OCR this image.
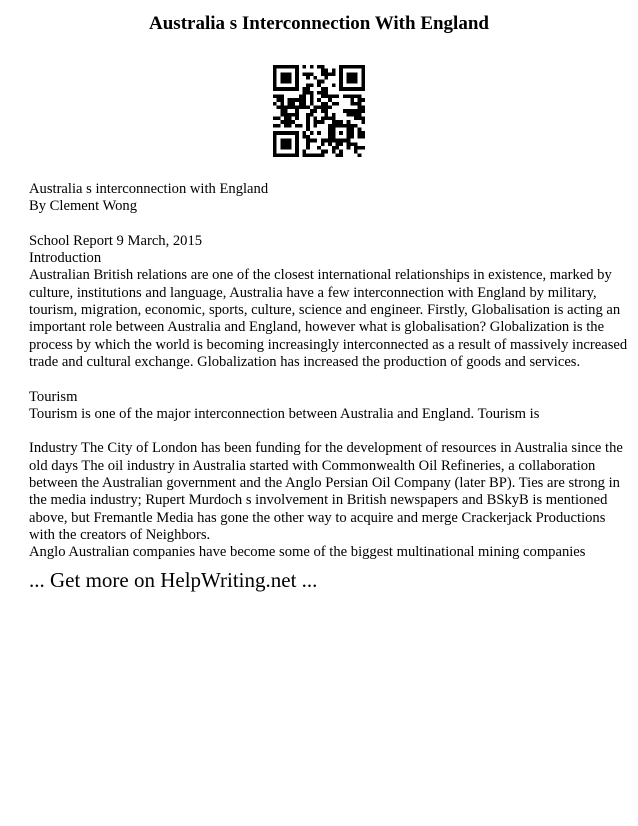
Australia s Interconnection With England
Australia s interconnection with England
By Clement Wong
School Report 9 March, 2015
Introduction
Australian British relations are one of the closest international relationships in existence, marked by
culture, institutions and language, Australia have a few interconnection with England by military,
tourism, migration, economic, sports, culture, science and engineer. Firstly, Globalisation is acting an
important role between Australia and England, however what is globalisation? Globalization is the
process by which the world is becoming increasingly interconnected as a result of massively increased
trade and cultural exchange. Globalization has increased the production of goods and services.
Tourism
Tourism is one of the major interconnection between Australia and England. Tourism is
Industry The City of London has been funding for the development of resources in Australia since the
old days The oil industry in Australia started with Commonwealth Oil Refineries, a collaboration
between the Australian government and the Anglo Persian Oil Company (later BP). Ties are strong in
the media industry; Rupert Murdoch s involvement in British newspapers and BSkyB is mentioned
above, but Fremantle Media has gone the other way to acquire and merge Crackerjack Productions
with the creators of Neighbors.
Anglo Australian companies have become some of the biggest multinational mining companies
... Get more on HelpWriting.net ...
